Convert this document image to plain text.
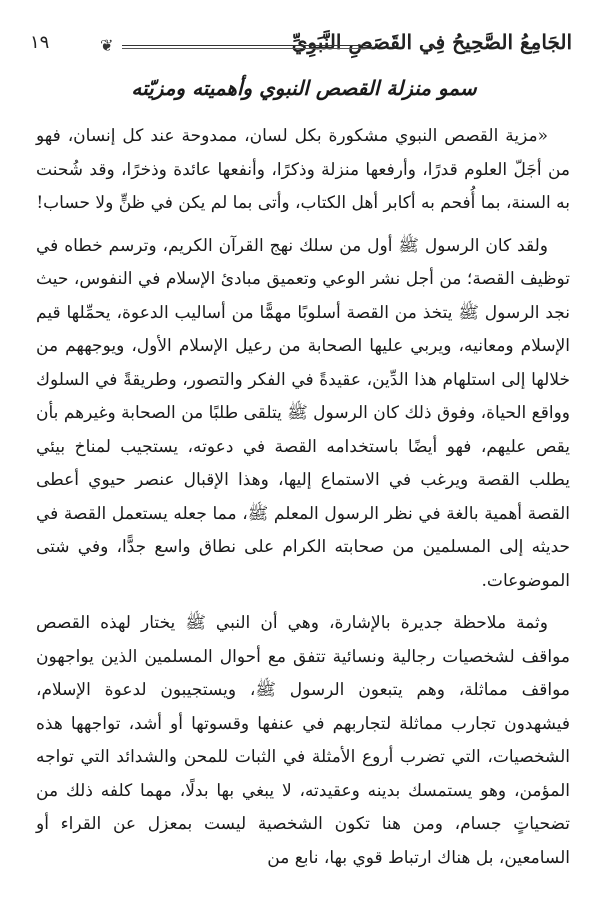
الجَامِعُ الصَّحِيحُ فِي القَصَصِ النَّبَوِيِّ
❦
١٩
سمو منزلة القصص النبوي وأهميته ومزيّته

«مزية القصص النبوي مشكورة بكل لسان، ممدوحة عند كل إنسان، فهو من أجَلّ العلوم قدرًا، وأرفعها منزلة وذكرًا، وأنفعها عائدة وذخرًا، وقد شُحنت به السنة، بما أُفحم به أكابر أهل الكتاب، وأتى بما لم يكن في ظنٍّ ولا حساب!

ولقد كان الرسول ﷺ أول من سلك نهج القرآن الكريم، وترسم خطاه في توظيف القصة؛ من أجل نشر الوعي وتعميق مبادئ الإسلام في النفوس، حيث نجد الرسول ﷺ يتخذ من القصة أسلوبًا مهمًّا من أساليب الدعوة، يحمِّلها قيم الإسلام ومعانيه، ويربي عليها الصحابة من رعيل الإسلام الأول، ويوجههم من خلالها إلى استلهام هذا الدِّين، عقيدةً في الفكر والتصور، وطريقةً في السلوك وواقع الحياة، وفوق ذلك كان الرسول ﷺ يتلقى طلبًا من الصحابة وغيرهم بأن يقص عليهم، فهو أيضًا باستخدامه القصة في دعوته، يستجيب لمناخ بيئي يطلب القصة ويرغب في الاستماع إليها، وهذا الإقبال عنصر حيوي أعطى القصة أهمية بالغة في نظر الرسول المعلم ﷺ، مما جعله يستعمل القصة في حديثه إلى المسلمين من صحابته الكرام على نطاق واسع جدًّا، وفي شتى الموضوعات.

وثمة ملاحظة جديرة بالإشارة، وهي أن النبي ﷺ يختار لهذه القصص مواقف لشخصيات رجالية ونسائية تتفق مع أحوال المسلمين الذين يواجهون مواقف مماثلة، وهم يتبعون الرسول ﷺ، ويستجيبون لدعوة الإسلام، فيشهدون تجارب مماثلة لتجاربهم في عنفها وقسوتها أو أشد، تواجهها هذه الشخصيات، التي تضرب أروع الأمثلة في الثبات للمحن والشدائد التي تواجه المؤمن، وهو يستمسك بدينه وعقيدته، لا يبغي بها بدلًا، مهما كلفه ذلك من تضحياتٍ جسام، ومن هنا تكون الشخصية ليست بمعزل عن القراء أو السامعين، بل هناك ارتباط قوي بها، نابع من
